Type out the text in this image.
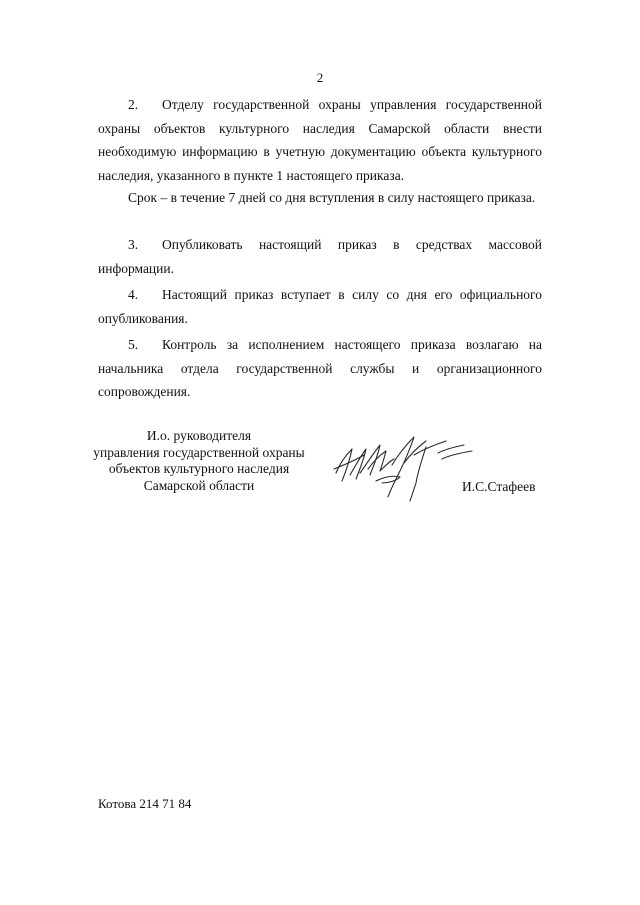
2

2. Отделу государственной охраны управления государственной охраны объектов культурного наследия Самарской области внести необходимую информацию в учетную документацию объекта культурного наследия, указанного в пункте 1 настоящего приказа.

Срок – в течение 7 дней со дня вступления в силу настоящего приказа.

3. Опубликовать настоящий приказ в средствах массовой информации.

4. Настоящий приказ вступает в силу со дня его официального опубликования.

5. Контроль за исполнением настоящего приказа возлагаю на начальника отдела государственной службы и организационного сопровождения.

И.о. руководителя
управления государственной охраны
объектов культурного наследия
Самарской области	И.С.Стафеев
Котова 214 71 84
